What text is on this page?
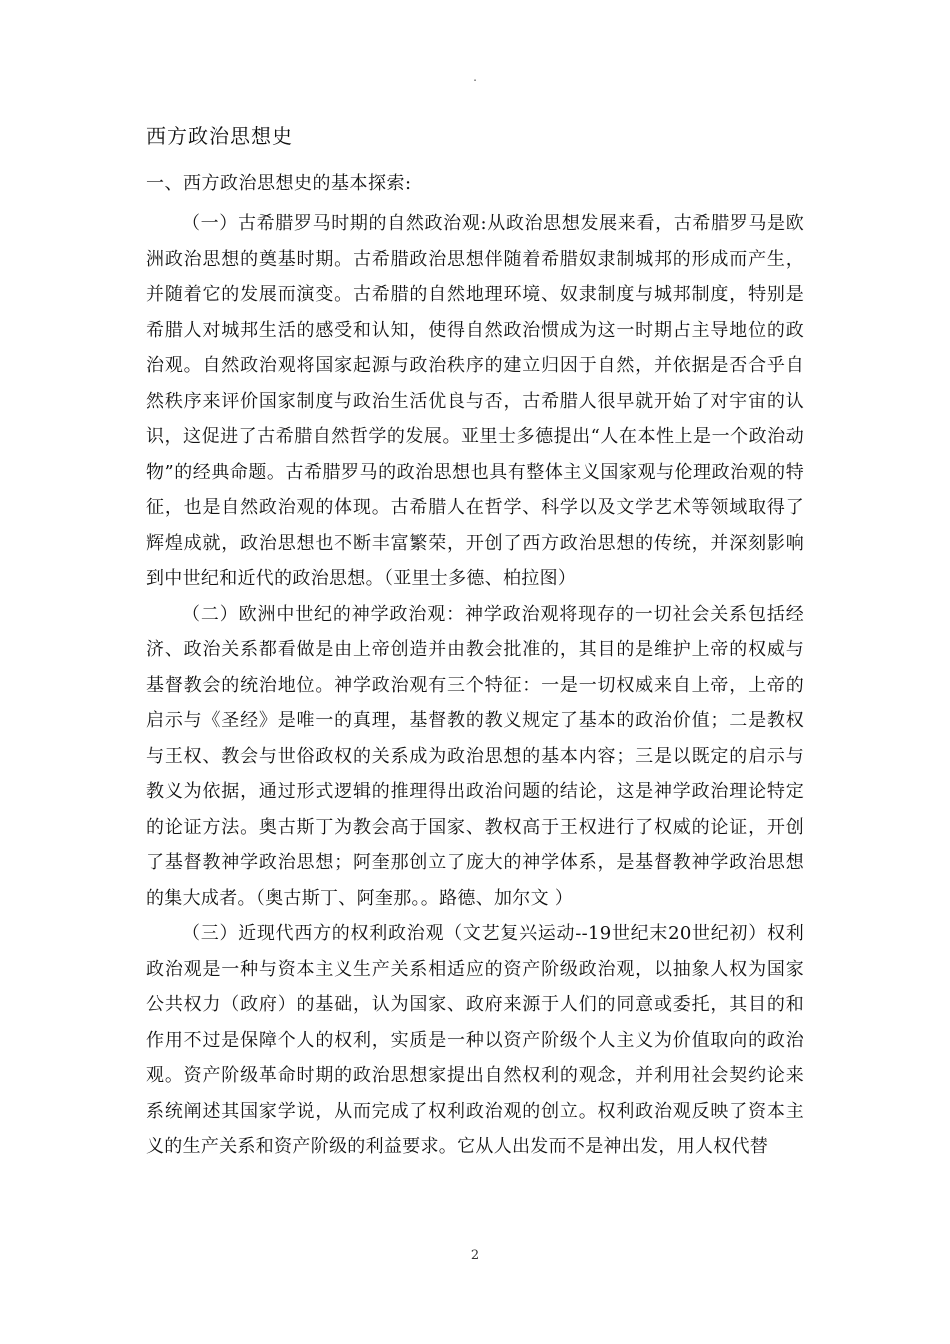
.
西方政治思想史
一、西方政治思想史的基本探索:

（一）古希腊罗马时期的自然政治观:从政治思想发展来看，古希腊罗马是欧洲政治思想的奠基时期。古希腊政治思想伴随着希腊奴隶制城邦的形成而产生，并随着它的发展而演变。古希腊的自然地理环境、奴隶制度与城邦制度，特别是希腊人对城邦生活的感受和认知，使得自然政治惯成为这一时期占主导地位的政治观。自然政治观将国家起源与政治秩序的建立归因于自然，并依据是否合乎自然秩序来评价国家制度与政治生活优良与否，古希腊人很早就开始了对宇宙的认识，这促进了古希腊自然哲学的发展。亚里士多德提出“人在本性上是一个政治动物”的经典命题。古希腊罗马的政治思想也具有整体主义国家观与伦理政治观的特征，也是自然政治观的体现。古希腊人在哲学、科学以及文学艺术等领域取得了辉煌成就，政治思想也不断丰富繁荣，开创了西方政治思想的传统，并深刻影响到中世纪和近代的政治思想。（亚里士多德、柏拉图）

（二）欧洲中世纪的神学政治观：神学政治观将现存的一切社会关系包括经济、政治关系都看做是由上帝创造并由教会批准的，其目的是维护上帝的权威与基督教会的统治地位。神学政治观有三个特征：一是一切权威来自上帝，上帝的启示与《圣经》是唯一的真理，基督教的教义规定了基本的政治价值；二是教权与王权、教会与世俗政权的关系成为政治思想的基本内容；三是以既定的启示与教义为依据，通过形式逻辑的推理得出政治问题的结论，这是神学政治理论特定的论证方法。奥古斯丁为教会高于国家、教权高于王权进行了权威的论证，开创了基督教神学政治思想；阿奎那创立了庞大的神学体系，是基督教神学政治思想的集大成者。（奥古斯丁、阿奎那。。路德、加尔文 ）

（三）近现代西方的权利政治观（文艺复兴运动--19世纪末20世纪初）权利政治观是一种与资本主义生产关系相适应的资产阶级政治观，以抽象人权为国家公共权力（政府）的基础，认为国家、政府来源于人们的同意或委托，其目的和作用不过是保障个人的权利，实质是一种以资产阶级个人主义为价值取向的政治观。资产阶级革命时期的政治思想家提出自然权利的观念，并利用社会契约论来系统阐述其国家学说，从而完成了权利政治观的创立。权利政治观反映了资本主义的生产关系和资产阶级的利益要求。它从人出发而不是神出发，用人权代替

2
